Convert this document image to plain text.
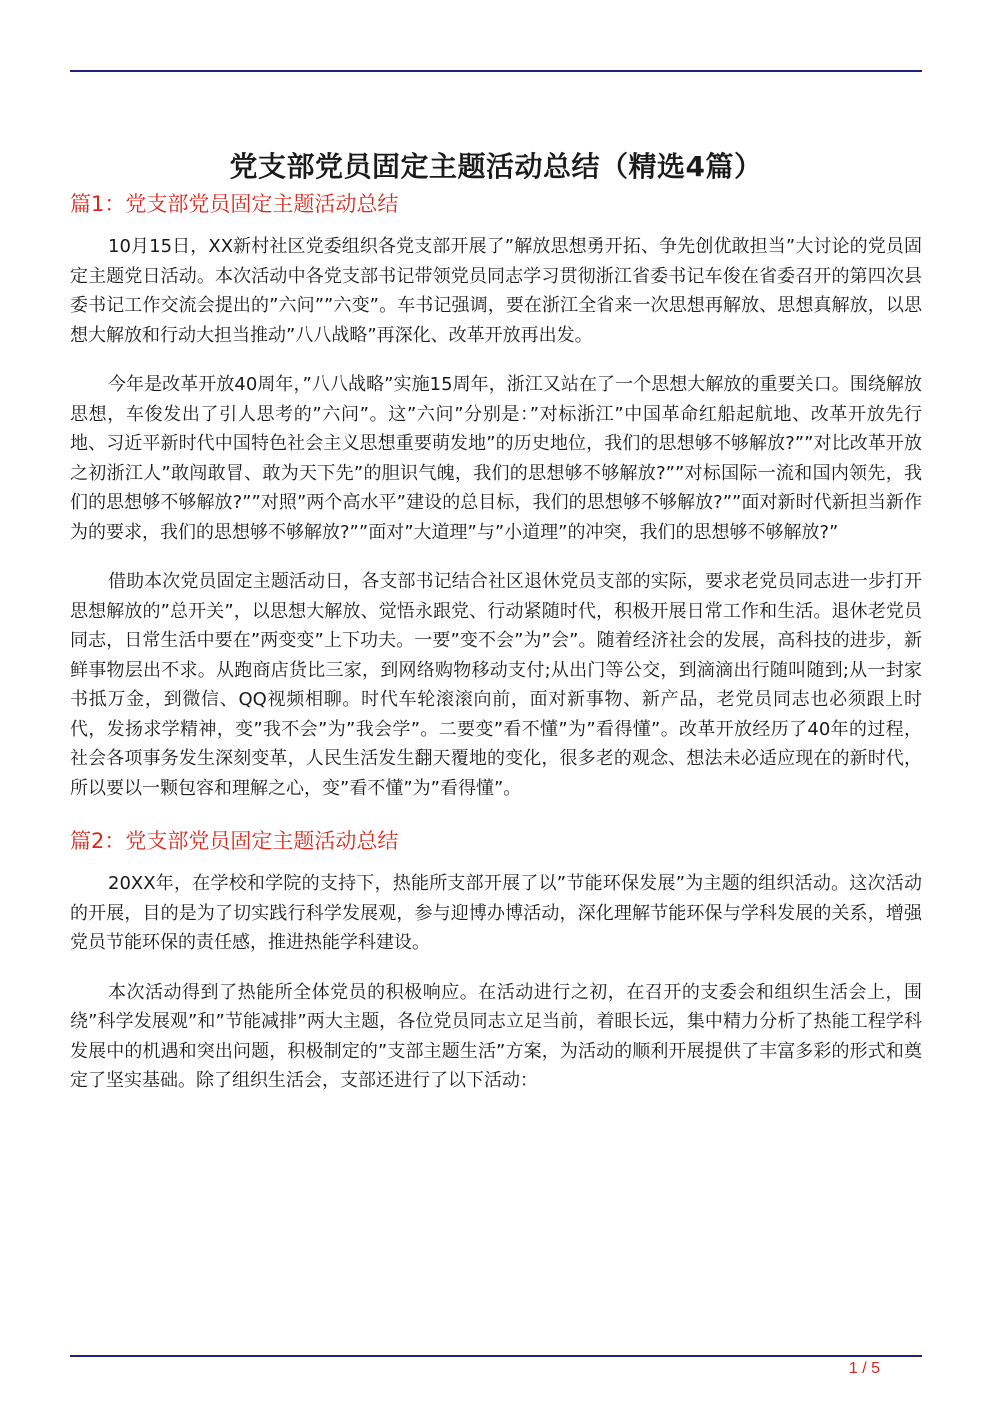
党支部党员固定主题活动总结（精选4篇）
篇1：党支部党员固定主题活动总结

10月15日，XX新村社区党委组织各党支部开展了”解放思想勇开拓、争先创优敢担当”大讨论的党员固定主题党日活动。本次活动中各党支部书记带领党员同志学习贯彻浙江省委书记车俊在省委召开的第四次县委书记工作交流会提出的”六问””六变”。车书记强调，要在浙江全省来一次思想再解放、思想真解放，以思想大解放和行动大担当推动”八八战略”再深化、改革开放再出发。

今年是改革开放40周年，”八八战略”实施15周年，浙江又站在了一个思想大解放的重要关口。围绕解放思想，车俊发出了引人思考的”六问”。这”六问”分别是：”对标浙江”中国革命红船起航地、改革开放先行地、习近平新时代中国特色社会主义思想重要萌发地”的历史地位，我们的思想够不够解放?””对比改革开放之初浙江人”敢闯敢冒、敢为天下先”的胆识气魄，我们的思想够不够解放?””对标国际一流和国内领先，我们的思想够不够解放?””对照”两个高水平”建设的总目标，我们的思想够不够解放?””面对新时代新担当新作为的要求，我们的思想够不够解放?””面对”大道理”与”小道理”的冲突，我们的思想够不够解放?”

借助本次党员固定主题活动日，各支部书记结合社区退休党员支部的实际，要求老党员同志进一步打开思想解放的”总开关”，以思想大解放、觉悟永跟党、行动紧随时代，积极开展日常工作和生活。退休老党员同志，日常生活中要在”两变变”上下功夫。一要”变不会”为”会”。随着经济社会的发展，高科技的进步，新鲜事物层出不求。从跑商店货比三家，到网络购物移动支付;从出门等公交，到滴滴出行随叫随到;从一封家书抵万金，到微信、QQ视频相聊。时代车轮滚滚向前，面对新事物、新产品，老党员同志也必须跟上时代，发扬求学精神，变”我不会”为”我会学”。二要变”看不懂”为”看得懂”。改革开放经历了40年的过程，社会各项事务发生深刻变革，人民生活发生翻天覆地的变化，很多老的观念、想法未必适应现在的新时代，所以要以一颗包容和理解之心，变”看不懂”为”看得懂”。

篇2：党支部党员固定主题活动总结

20XX年，在学校和学院的支持下，热能所支部开展了以”节能环保发展”为主题的组织活动。这次活动的开展，目的是为了切实践行科学发展观，参与迎博办博活动，深化理解节能环保与学科发展的关系，增强党员节能环保的责任感，推进热能学科建设。

本次活动得到了热能所全体党员的积极响应。在活动进行之初，在召开的支委会和组织生活会上，围绕”科学发展观”和”节能减排”两大主题，各位党员同志立足当前，着眼长远，集中精力分析了热能工程学科发展中的机遇和突出问题，积极制定的”支部主题生活”方案，为活动的顺利开展提供了丰富多彩的形式和奠定了坚实基础。除了组织生活会，支部还进行了以下活动：

1 / 5
